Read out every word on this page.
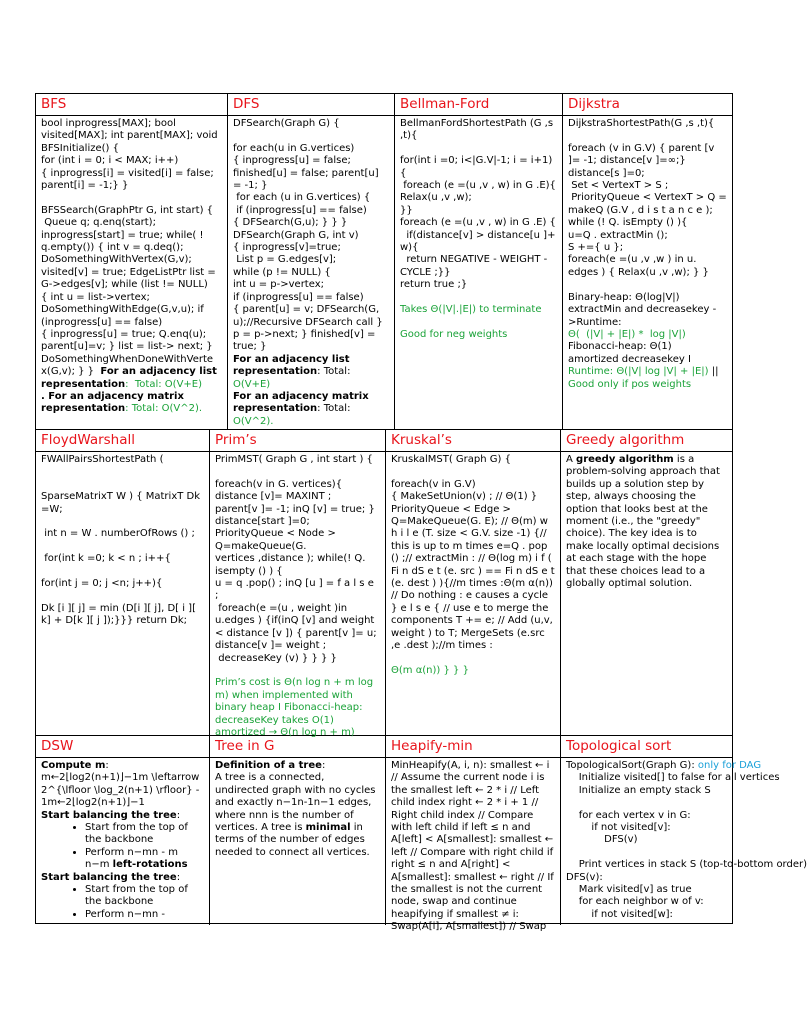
BFS
bool inprogress[MAX]; bool visited[MAX]; int parent[MAX]; void
BFSInitialize() {
for (int i = 0; i < MAX; i++)
{ inprogress[i] = visited[i] = false; parent[i] = -1;} }

BFSSearch(GraphPtr G, int start) {
Queue q; q.enq(start);
inprogress[start] = true; while( ! q.empty()) { int v = q.deq();
DoSomethingWithVertex(G,v);
visited[v] = true; EdgeListPtr list = G->edges[v]; while (list != NULL)
{ int u = list->vertex;
DoSomethingWithEdge(G,v,u); if (inprogress[u] == false)
{ inprogress[u] = true; Q.enq(u); parent[u]=v; } list = list-> next; }
DoSomethingWhenDoneWithVerte x(G,v); } } For an adjacency list representation:  Total: O(V+E)
. For an adjacency matrix representation: Total: O(V^2).
DFS
DFSearch(Graph G) {

for each(u in G.vertices)
{ inprogress[u] = false;
finished[u] = false; parent[u] = -1; }
for each (u in G.vertices) {
if (inprogress[u] == false)
{ DFSearch(G,u); } } }
DFSearch(Graph G, int v)
{ inprogress[v]=true;
List p = G.edges[v];
while (p != NULL) {
int u = p->vertex;
if (inprogress[u] == false)
{ parent[u] = v; DFSearch(G, u);//Recursive DFSearch call }
p = p->next; } finished[v] = true; }
For an adjacency list representation: Total:
O(V+E)
For an adjacency matrix representation: Total:
O(V^2).
Bellman-Ford
BellmanFordShortestPath (G ,s ,t){

for(int i =0; i<|G.V|-1; i = i+1)
{
foreach (e =(u ,v , w) in G .E){
Relax(u ,v ,w);
}}
foreach (e =(u ,v , w) in G .E) {
if(distance[v] > distance[u ]+ w){
return NEGATIVE - WEIGHT - CYCLE ;}}
return true ;}

Takes Θ(|V|.|E|) to terminate

Good for neg weights
Dijkstra
DijkstraShortestPath(G ,s ,t){

foreach (v in G.V) { parent [v ]= -1; distance[v ]=∞;}
distance[s ]=0;
Set < VertexT > S ;
PriorityQueue < VertexT > Q = makeQ (G.V , d i s t a n c e );
while (! Q. isEmpty () ){
u=Q . extractMin ();
S +={ u };
foreach(e =(u ,v ,w ) in u. edges ) { Relax(u ,v ,w); } }

Binary-heap: Θ(log|V|)
extractMin and decreasekey -
>Runtime:
Θ(  (|V| + |E|) *  log |V|)
Fibonacci-heap: Θ(1)
amortized decreasekey I
Runtime: Θ(|V| log |V| + |E|) ||
Good only if pos weights
FloydWarshall
FWAllPairsShortestPath (

SparseMatrixT W ) { MatrixT Dk =W;

int n = W . numberOfRows () ;

for(int k =0; k < n ; i++{

for(int j = 0; j <n; j++){

Dk [i ][ j] = min (D[i ][ j], D[ i ][ k] + D[k ][ j ]);}}} return Dk;
Prim’s
PrimMST( Graph G , int start ) {

foreach(v in G. vertices){
distance [v]= MAXINT ;
parent[v ]= -1; inQ [v] = true; }
distance[start ]=0;
PriorityQueue < Node >
Q=makeQueue(G.
vertices ,distance ); while(! Q. isempty () ) {
u = q .pop() ; inQ [u ] = f a l s e ;
foreach(e =(u , weight )in u.edges ) {if(inQ [v] and weight < distance [v ]) { parent[v ]= u;
distance[v ]= weight ;
decreaseKey (v) } } } }

Prim’s cost is Θ(n log n + m log m) when implemented with binary heap I Fibonacci-heap: decreaseKey takes O(1) amortized → Θ(n log n + m)
Kruskal’s
KruskalMST( Graph G) {

foreach(v in G.V)
{ MakeSetUnion(v) ; // Θ(1) }
PriorityQueue < Edge >
Q=MakeQueue(G. E); // Θ(m) w h i l e (T. size < G.V. size -1) {// this is up to m times e=Q . pop () ;// extractMin : // Θ(log m) i f ( Fi n dS e t (e. src ) == Fi n dS e t (e. dest ) ){//m times :Θ(m α(n)) // Do nothing : e causes a cycle } e l s e { // use e to merge the components T += e; // Add (u,v, weight ) to T; MergeSets (e.src ,e .dest );//m times :

Θ(m α(n)) } } }
Greedy algorithm
A greedy algorithm is a problem-solving approach that builds up a solution step by step, always choosing the option that looks best at the moment (i.e., the "greedy" choice). The key idea is to make locally optimal decisions at each stage with the hope that these choices lead to a globally optimal solution.
DSW
Compute m:
m←2⌊log2(n+1)⌋−1m \leftarrow 2^{\lfloor \log_2(n+1) \rfloor} - 1m←2⌊log2(n+1)⌋−1
Start balancing the tree:
• Start from the top of the backbone
• Perform n−mn - m
n−m left-rotations
Start balancing the tree:
• Start from the top of the backbone
• Perform n−mn -
Tree in G
Definition of a tree:
A tree is a connected, undirected graph with no cycles and exactly n−1n-1n−1 edges, where nnn is the number of vertices. A tree is minimal in terms of the number of edges needed to connect all vertices.
Heapify-min
MinHeapify(A, i, n): smallest ← i // Assume the current node i is the smallest left ← 2 * i // Left child index right ← 2 * i + 1 // Right child index // Compare with left child if left ≤ n and A[left] < A[smallest]: smallest ← left // Compare with right child if right ≤ n and A[right] < A[smallest]: smallest ← right // If the smallest is not the current node, swap and continue heapifying if smallest ≠ i: Swap(A[i], A[smallest]) // Swap
Topological sort
TopologicalSort(Graph G): only for DAG
Initialize visited[] to false for all vertices
Initialize an empty stack S

for each vertex v in G:
if not visited[v]:
DFS(v)

Print vertices in stack S (top-to-bottom order)
DFS(v):
Mark visited[v] as true
for each neighbor w of v:
if not visited[w]:
